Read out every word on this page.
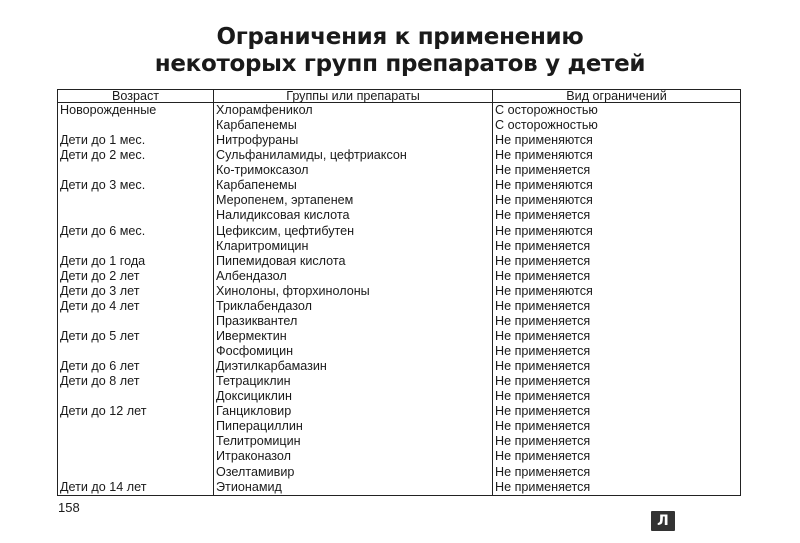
Ограничения к применению
некоторых групп препаратов у детей
Возраст	Группы или препараты	Вид ограничений
Новорожденные	Хлорамфеникол	С осторожностью
	Карбапенемы	С осторожностью
Дети до 1 мес.	Нитрофураны	Не применяются
Дети до 2 мес.	Сульфаниламиды, цефтриаксон	Не применяются
	Ко-тримоксазол	Не применяется
Дети до 3 мес.	Карбапенемы	Не применяются
	Меропенем, эртапенем	Не применяются
	Налидиксовая кислота	Не применяется
Дети до 6 мес.	Цефиксим, цефтибутен	Не применяются
	Кларитромицин	Не применяется
Дети до 1 года	Пипемидовая кислота	Не применяется
Дети до 2 лет	Албендазол	Не применяется
Дети до 3 лет	Хинолоны, фторхинолоны	Не применяются
Дети до 4 лет	Триклабендазол	Не применяется
	Празиквантел	Не применяется
Дети до 5 лет	Ивермектин	Не применяется
	Фосфомицин	Не применяется
Дети до 6 лет	Диэтилкарбамазин	Не применяется
Дети до 8 лет	Тетрациклин	Не применяется
	Доксициклин	Не применяется
Дети до 12 лет	Ганцикловир	Не применяется
	Пиперациллин	Не применяется
	Телитромицин	Не применяется
	Итраконазол	Не применяется
	Озелтамивир	Не применяется
Дети до 14 лет	Этионамид	Не применяется
158
Л
